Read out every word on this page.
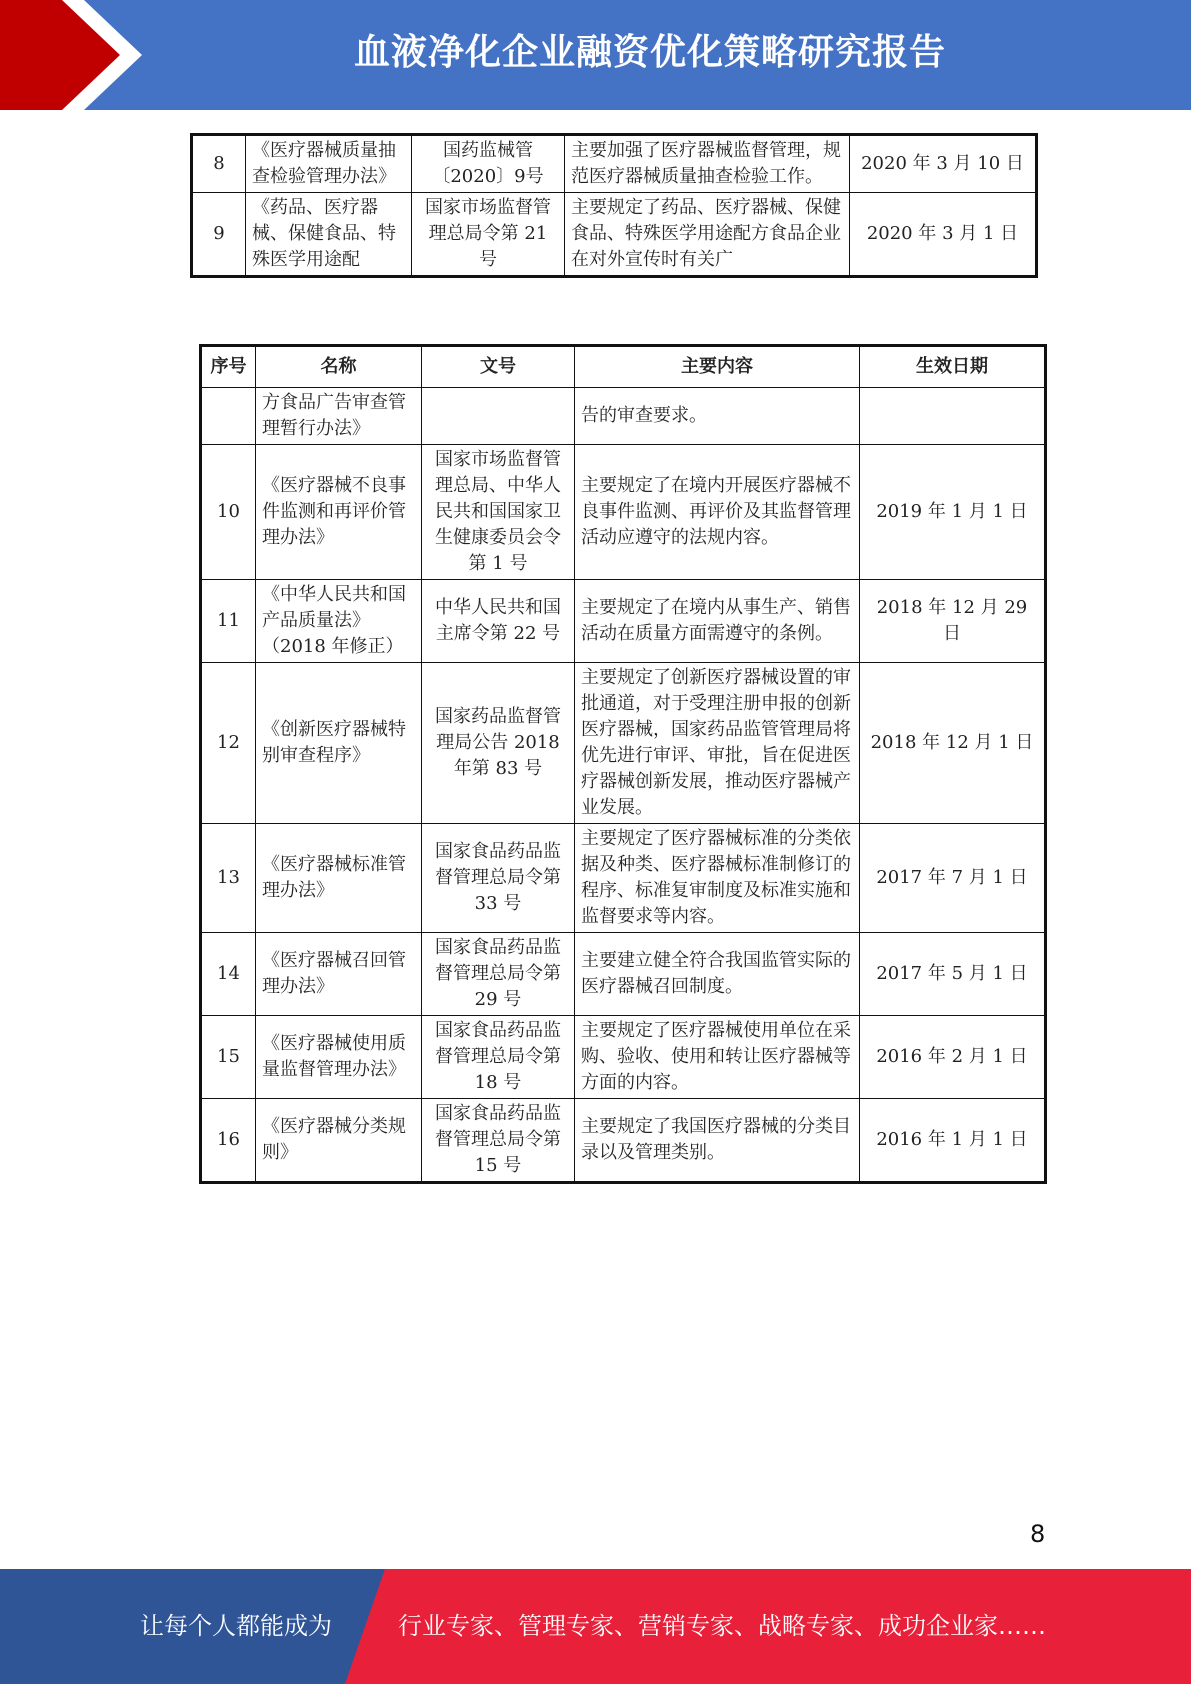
血液净化企业融资优化策略研究报告
8	《医疗器械质量抽查检验管理办法》	国药监械管〔2020〕9号	主要加强了医疗器械监督管理，规范医疗器械质量抽查检验工作。	2020 年 3 月 10 日
9	《药品、医疗器械、保健食品、特殊医学用途配	国家市场监督管理总局令第 21 号	主要规定了药品、医疗器械、保健食品、特殊医学用途配方食品企业在对外宣传时有关广	2020 年 3 月 1 日
序号	名称	文号	主要内容	生效日期
	方食品广告审查管理暂行办法》		告的审查要求。	
10	《医疗器械不良事件监测和再评价管理办法》	国家市场监督管理总局、中华人民共和国国家卫生健康委员会令第 1 号	主要规定了在境内开展医疗器械不良事件监测、再评价及其监督管理活动应遵守的法规内容。	2019 年 1 月 1 日
11	《中华人民共和国产品质量法》（2018 年修正）	中华人民共和国主席令第 22 号	主要规定了在境内从事生产、销售活动在质量方面需遵守的条例。	2018 年 12 月 29 日
12	《创新医疗器械特别审查程序》	国家药品监督管理局公告 2018 年第 83 号	主要规定了创新医疗器械设置的审批通道，对于受理注册申报的创新医疗器械，国家药品监管管理局将优先进行审评、审批，旨在促进医疗器械创新发展，推动医疗器械产业发展。	2018 年 12 月 1 日
13	《医疗器械标准管理办法》	国家食品药品监督管理总局令第 33 号	主要规定了医疗器械标准的分类依据及种类、医疗器械标准制修订的程序、标准复审制度及标准实施和监督要求等内容。	2017 年 7 月 1 日
14	《医疗器械召回管理办法》	国家食品药品监督管理总局令第 29 号	主要建立健全符合我国监管实际的医疗器械召回制度。	2017 年 5 月 1 日
15	《医疗器械使用质量监督管理办法》	国家食品药品监督管理总局令第 18 号	主要规定了医疗器械使用单位在采购、验收、使用和转让医疗器械等方面的内容。	2016 年 2 月 1 日
16	《医疗器械分类规则》	国家食品药品监督管理总局令第 15 号	主要规定了我国医疗器械的分类目录以及管理类别。	2016 年 1 月 1 日
8
让每个人都能成为	行业专家、管理专家、营销专家、战略专家、成功企业家……
